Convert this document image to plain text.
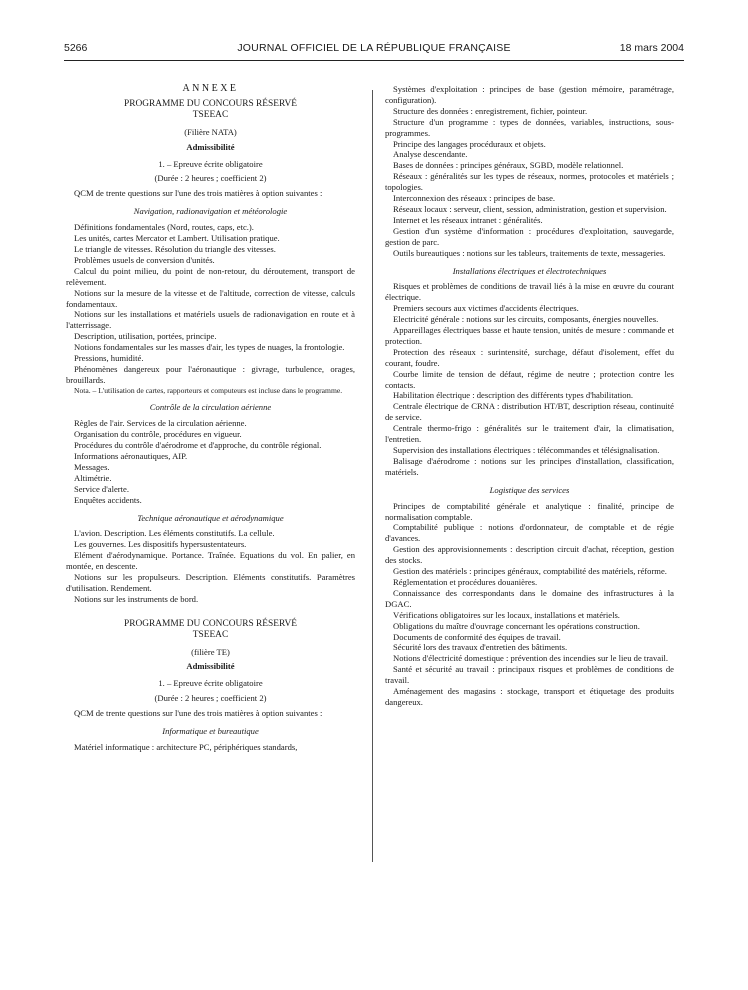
5266	JOURNAL OFFICIEL DE LA RÉPUBLIQUE FRANÇAISE	18 mars 2004
ANNEXE
PROGRAMME DU CONCOURS RÉSERVÉ
TSEEAC
(Filière NATA)
Admissibilité
1. – Epreuve écrite obligatoire
(Durée : 2 heures ; coefficient 2)

QCM de trente questions sur l'une des trois matières à option suivantes :

Navigation, radionavigation et météorologie

Définitions fondamentales (Nord, routes, caps, etc.).

Les unités, cartes Mercator et Lambert. Utilisation pratique.

Le triangle de vitesses. Résolution du triangle des vitesses.

Problèmes usuels de conversion d'unités.

Calcul du point milieu, du point de non-retour, du déroutement, transport de relèvement.

Notions sur la mesure de la vitesse et de l'altitude, correction de vitesse, calculs fondamentaux.

Notions sur les installations et matériels usuels de radionavigation en route et à l'atterrissage.

Description, utilisation, portées, principe.

Notions fondamentales sur les masses d'air, les types de nuages, la frontologie.

Pressions, humidité.

Phénomènes dangereux pour l'aéronautique : givrage, turbulence, orages, brouillards.

Nota. – L'utilisation de cartes, rapporteurs et computeurs est incluse dans le programme.

Contrôle de la circulation aérienne

Règles de l'air. Services de la circulation aérienne.

Organisation du contrôle, procédures en vigueur.

Procédures du contrôle d'aérodrome et d'approche, du contrôle régional.

Informations aéronautiques, AIP.

Messages.

Altimétrie.

Service d'alerte.

Enquêtes accidents.

Technique aéronautique et aérodynamique

L'avion. Description. Les éléments constitutifs. La cellule.

Les gouvernes. Les dispositifs hypersustentateurs.

Elément d'aérodynamique. Portance. Traînée. Equations du vol. En palier, en montée, en descente.

Notions sur les propulseurs. Description. Eléments constitutifs. Paramètres d'utilisation. Rendement.

Notions sur les instruments de bord.

PROGRAMME DU CONCOURS RÉSERVÉ
TSEEAC
(filière TE)
Admissibilité
1. – Epreuve écrite obligatoire
(Durée : 2 heures ; coefficient 2)

QCM de trente questions sur l'une des trois matières à option suivantes :

Informatique et bureautique

Matériel informatique : architecture PC, périphériques standards,

Systèmes d'exploitation : principes de base (gestion mémoire, paramétrage, configuration).

Structure des données : enregistrement, fichier, pointeur.

Structure d'un programme : types de données, variables, instructions, sous-programmes.

Principe des langages procéduraux et objets.

Analyse descendante.

Bases de données : principes généraux, SGBD, modèle relationnel.

Réseaux : généralités sur les types de réseaux, normes, protocoles et matériels ; topologies.

Interconnexion des réseaux : principes de base.

Réseaux locaux : serveur, client, session, administration, gestion et supervision.

Internet et les réseaux intranet : généralités.

Gestion d'un système d'information : procédures d'exploitation, sauvegarde, gestion de parc.

Outils bureautiques : notions sur les tableurs, traitements de texte, messageries.

Installations électriques et électrotechniques

Risques et problèmes de conditions de travail liés à la mise en œuvre du courant électrique.

Premiers secours aux victimes d'accidents électriques.

Electricité générale : notions sur les circuits, composants, énergies nouvelles.

Appareillages électriques basse et haute tension, unités de mesure : commande et protection.

Protection des réseaux : surintensité, surchage, défaut d'isolement, effet du courant, foudre.

Courbe limite de tension de défaut, régime de neutre ; protection contre les contacts.

Habilitation électrique : description des différents types d'habilitation.

Centrale électrique de CRNA : distribution HT/BT, description réseau, continuité de service.

Centrale thermo-frigo : généralités sur le traitement d'air, la climatisation, l'entretien.

Supervision des installations électriques : télécommandes et télésignalisation.

Balisage d'aérodrome : notions sur les principes d'installation, classification, matériels.

Logistique des services

Principes de comptabilité générale et analytique : finalité, principe de normalisation comptable.

Comptabilité publique : notions d'ordonnateur, de comptable et de régie d'avances.

Gestion des approvisionnements : description circuit d'achat, réception, gestion des stocks.

Gestion des matériels : principes généraux, comptabilité des matériels, réforme.

Réglementation et procédures douanières.

Connaissance des correspondants dans le domaine des infrastructures à la DGAC.

Vérifications obligatoires sur les locaux, installations et matériels.

Obligations du maître d'ouvrage concernant les opérations construction.

Documents de conformité des équipes de travail.

Sécurité lors des travaux d'entretien des bâtiments.

Notions d'électricité domestique : prévention des incendies sur le lieu de travail.

Santé et sécurité au travail : principaux risques et problèmes de conditions de travail.

Aménagement des magasins : stockage, transport et étiquetage des produits dangereux.
